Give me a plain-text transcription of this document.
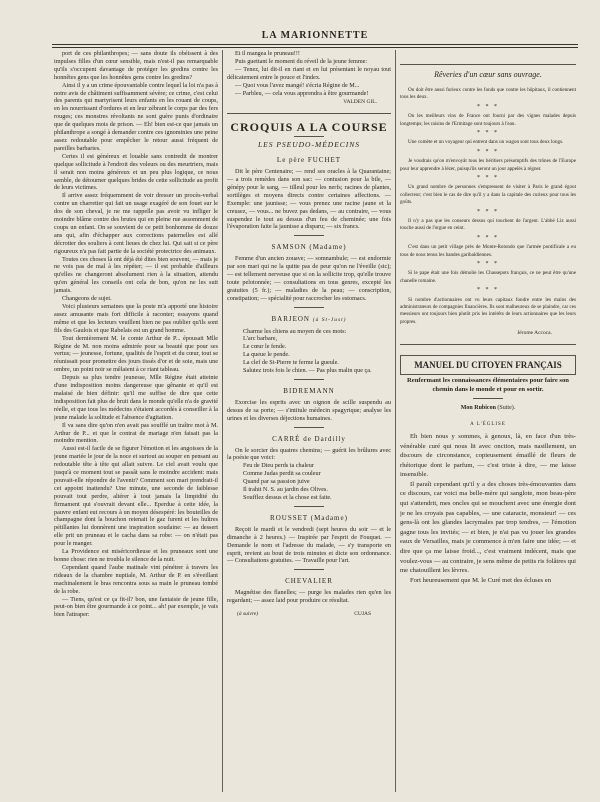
LA MARIONNETTE

port de ces philanthropes; — sans doute ils obéissent à des impulses filles d'un cœur sensible, mais n'est-il pas remarquable qu'ils s'occupent davantage de protéger les gredins contre les honnêtes gens que les honnêtes gens contre les gredins?

Ainsi il y a un crime épouvantable contre lequel la loi n'a pas à notre avis de châtiment suffisamment sévère; ce crime, c'est celui des parents qui martyrisent leurs enfants en les rouant de coups, en les nourrissant d'ordures et en leur zébrant le corps par des fers rouges; ces monstres révoltants ne sont guère punis d'ordinaire que de quelques mois de prison. — Eh! bien est-ce que jamais un philanthrope a songé à demander contre ces ignominies une peine assez redoutable pour empêcher le retour aussi fréquent de pareilles barbaries.

Certes il est généreux et louable sans contredit de montrer quelque sollicitude à l'endroit des voleurs ou des meurtriers, mais il serait non moins généreux et un peu plus logique, ce nous semble, de détourner quelques brides de cette sollicitude au profit de leurs victimes.

Il arrive assez fréquemment de voir dresser un procès-verbal contre un charretier qui fait un usage exagéré de son fouet sur le dos de son cheval, je ne me rappelle pas avoir vu infliger le moindre blâme contre des brutes qui en pleine rue assomment de coups un enfant. On se souvient de ce petit bonhomme de douze ans qui, afin d'échapper aux corrections paternelles est allé décrotter des souliers à cent lieues de chez lui. Qui sait si ce père rigoureux n'a pas fait partie de la société protectrice des animaux.

Toutes ces choses là ont déjà été dites bien souvent, — mais je ne vois pas de mal à les répéter; — il est probable d'ailleurs qu'elles ne changeront absolument rien à la situation, attendu qu'en général les conseils ont cela de bon, qu'on ne les suit jamais.

Changeons de sujet.

Voici plusieurs semaines que la poste m'a apporté une histoire assez amusante mais fort difficile à raconter; essayons quand même et que les lecteurs veuillent bien ne pas oublier qu'ils sont fils des Gaulois et que Rabelais est un grand homme.

Tout dernièrement M. le comte Arthur de P... épousait Mlle Régine de M. non moins admirée pour sa beauté que pour ses vertus; — jeunesse, fortune, qualités de l'esprit et du cœur, tout se réunissait pour promettre des jours tissés d'or et de soie, mais une ombre, un point noir se mêlaient à ce riant tableau.

Depuis sa plus tendre jeunesse, Mlle Régine était atteinte d'une indisposition moins dangereuse que gênante et qu'il est malaisé de bien définir: qu'il me suffise de dire que cette indisposition fait plus de bruit dans le monde qu'elle n'a de gravité réelle, et que tous les médecins s'étaient accordés à conseiller à la jeune malade la solitude et l'absence d'agitation.

Il va sans dire qu'on n'en avait pas soufflé un traître mot à M. Arthur de P... et que le contrat de mariage n'en faisait pas la moindre mention.

Aussi est-il facile de se figurer l'émotion et les angoisses de la jeune mariée le jour de la noce et surtout au souper en pensant au redoutable tête à tête qui allait suivre. Le ciel avait voulu que jusqu'à ce moment tout se passât sans le moindre accident: mais pouvait-elle répondre de l'avenir? Comment son mari prendrait-il cet appoint inattendu? Une minute, une seconde de faiblesse pouvait tout perdre, altérer à tout jamais la limpidité du firmament qui s'ouvrait devant elle... Eperdue à cette idée, la pauvre enfant eut recours à un moyen désespéré: les bouteilles de champagne dont la bouchon retenait le gaz furent et les huîtres pétillantes lui donnèrent une inspiration soudaine: — au dessert elle prit un pruneau et le cacha dans sa robe: — on n'était pas pour le manger.

La Providence est miséricordieuse et les pruneaux sont une bonne chose: rien ne troubla le silence de la nuit.

Cependant quand l'aube matinale vint pénétrer à travers les rideaux de la chambre nuptiale, M. Arthur de P. en s'éveillant machinalement le bras rencontra sous sa main le pruneau tombé de la robe.

— Tiens, qu'est ce ça fit-il? bon, une fantaisie de jeune fille, peut-on bien être gourmande à ce point... ah! par exemple, je vais bien l'attraper:

Et il mangea le pruneau!!!

Puis guettant le moment du réveil de la jeune femme:

— Tenez, lui dit-il en riant et en lui présentant le noyau tout délicatement entre le pouce et l'index.

— Quoi vous l'avez mangé! s'écria Régine de M...

— Parbleu, — cela vous apprendra à être gourmande!

VALDEN GIL.
CROQUIS A LA COURSE
LES PSEUDO-MÉDECINS
Le père FUCHET

Dit le père Centenaire; — rend ses oracles à la Quarantaine; — a trois remèdes dans son sac: — contusion pour la bile, — génépy pour le sang, — tilleul pour les nerfs; racines de plantes, sortilèges et moyens directs contre certaines affections. — Exemple: une jaunisse; — vous prenez une racine jaune et la creusez, — vous... ne buvez pas dedans, — au contraire, — vous suspendez le tout au dessus d'un feu de cheminée; une fois l'évaporation faite la jaunisse a disparu; — six francs.

SAMSON (Madame)

Femme d'un ancien zouave; — somnambule; — est endormie par son mari qui ne la quitte pas de peur qu'on ne l'éveille (sic); — est tellement nerveuse que si on la sollicite trop, qu'elle trouve toute pelotonnée; — consultations en tous genres, excepté les gratuites (5 fr.); — maladies de la peau; — conscription, constipation; — spécialité pour raccrocher les estomacs.

BARJEON (à St-Just)
Charme les chiens au moyen de ces mots:
L'arc barbare,
Le cœur le fende.
La queue le pende.
La clef de St-Pierre te ferme la gueule.
Salutez trois fois le chien. — Pas plus malin que ça.
BIDREMANN

Exorcise les esprits avec un oignon de scille suspendu au dessus de sa porte; — s'intitule médecin spagyrique; analyse les urines et les diverses déjections humaines.

CARRÉ de Dardilly

On le sorcier des quatres chemins; — guérit les brûlures avec la poésie que voici:

Feu de Dieu perds ta chaleur
Comme Judas perdit sa couleur
Quand par sa passion juive
Il trahit N. S. au jardin des Olives.
Soufflez dessus et la chose est faite.
ROUSSET (Madame)

Reçoit le mardi et le vendredi (sept heures du soir — et le dimanche à 2 heures.) — Inspirée par l'esprit de Fouquet. — Demande le nom et l'adresse du malade, — s'y transporte en esprit, revient au bout de trois minutes et dicte son ordonnance. — Consultations gratuites. — Travaille pour l'art.

CHEVALIER

Magnétise des flanelles; — purge les malades rien qu'en les regardant; — assez laid pour produire ce résultat.

(à suivre)	CUJAS
Rêveries d'un cœur sans ouvrage.

On doit être aussi furieux contre les fonds que contre les hôpitaux, il contiennent tous les deux.

* * *

On les meilleurs vins de France ont fourni par des vignes malades depuis longtemps; les raisins de l'Ermitage sont toujours à l'eau.

* * *

Une comète et un voyageur qui entrent dans un wagon sont tous deux longs.

* * *

Je voudrais qu'on m'envoyât tous les héritiers présomptifs des trônes de l'Europe pour leur apprendre à lézer, puisqu'ils seront un jour appelés à régner.

* * *

Un grand nombre de personnes s'empressent de visiter à Paris le grand égout collecteur; c'est bien le cas de dire qu'il y a dans la capitale des curieux pour tous les goûts.

* * *

Il n'y a pas que les conseurs dessus qui touchent de l'argent. L'abbé Liz aussi touche aussi de l'orgue en ceint.

* * *

C'est dans un petit village près de Monte-Rotondo que l'armée pontificale a eu tous de nous tenus les bandes garibaldiennes.

* * *

Si le pape était une fois démolie les Chassepots français, ce ne peut être qu'une chanelle romaine.

* * *

Si nombre d'actionnaires ont vu leurs capitaux fondre entre les mains des administrateurs de compagnies financières. Ils sont malheureux de se plaindre, car ces messieurs ont toujours bien plutôt pris les intérêts de leurs actionnaires que les leurs propres.

Jérome Accoca.
MANUEL DU CITOYEN FRANÇAIS
Renfermant les connaissances élémentaires pour faire son chemin dans le monde et pour en sortir.
Mon Rubicon (Suite).
A L'ÉGLISE

Eh bien nous y sommes, à genoux, là, en face d'un très-vénérable curé qui nous lit avec onction, mais nasillement, un discours de circonstance, copieusement émaillé de fleurs de rhétorique dont le parfum, — c'est triste à dire, — me laisse insensible.

Il paraît cependant qu'il y a des choses très-émouvantes dans ce discours, car voici ma belle-mère qui sanglote, mon beau-père qui s'attendrit, mes oncles qui se mouchent avec une énergie dont je ne les croyais pas capables, — une cataracte, monsieur! — ces gens-là ont les glandes lacrymales par trop tendres, — l'émotion gagne tous les invités; — et bien, je n'ai pas vu jouer les grandes eaux de Versailles, mais je commence à m'en faire une idée; — et dire que ça me laisse froid..., c'est vraiment indécent, mais que voulez-vous — au contraire, je sens même de petits ris folâtres qui me chatouillent les lèvres.

Fort heureusement que M. le Curé met des écluses en
